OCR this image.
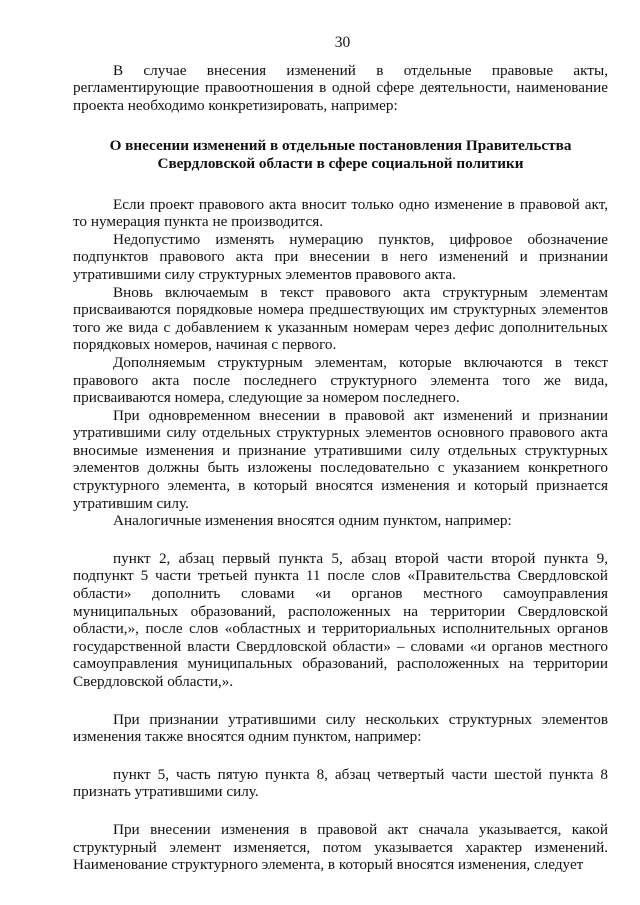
30

В случае внесения изменений в отдельные правовые акты, регламентирующие правоотношения в одной сфере деятельности, наименование проекта необходимо конкретизировать, например:

О внесении изменений в отдельные постановления Правительства
Свердловской области в сфере социальной политики

Если проект правового акта вносит только одно изменение в правовой акт, то нумерация пункта не производится.

Недопустимо изменять нумерацию пунктов, цифровое обозначение подпунктов правового акта при внесении в него изменений и признании утратившими силу структурных элементов правового акта.

Вновь включаемым в текст правового акта структурным элементам присваиваются порядковые номера предшествующих им структурных элементов того же вида с добавлением к указанным номерам через дефис дополнительных порядковых номеров, начиная с первого.

Дополняемым структурным элементам, которые включаются в текст правового акта после последнего структурного элемента того же вида, присваиваются номера, следующие за номером последнего.

При одновременном внесении в правовой акт изменений и признании утратившими силу отдельных структурных элементов основного правового акта вносимые изменения и признание утратившими силу отдельных структурных элементов должны быть изложены последовательно с указанием конкретного структурного элемента, в который вносятся изменения и который признается утратившим силу.

Аналогичные изменения вносятся одним пунктом, например:

пункт 2, абзац первый пункта 5, абзац второй части второй пункта 9, подпункт 5 части третьей пункта 11 после слов «Правительства Свердловской области» дополнить словами «и органов местного самоуправления муниципальных образований, расположенных на территории Свердловской области,», после слов «областных и территориальных исполнительных органов государственной власти Свердловской области» – словами «и органов местного самоуправления муниципальных образований, расположенных на территории Свердловской области,».

При признании утратившими силу нескольких структурных элементов изменения также вносятся одним пунктом, например:

пункт 5, часть пятую пункта 8, абзац четвертый части шестой пункта 8 признать утратившими силу.

При внесении изменения в правовой акт сначала указывается, какой структурный элемент изменяется, потом указывается характер изменений. Наименование структурного элемента, в который вносятся изменения, следует
